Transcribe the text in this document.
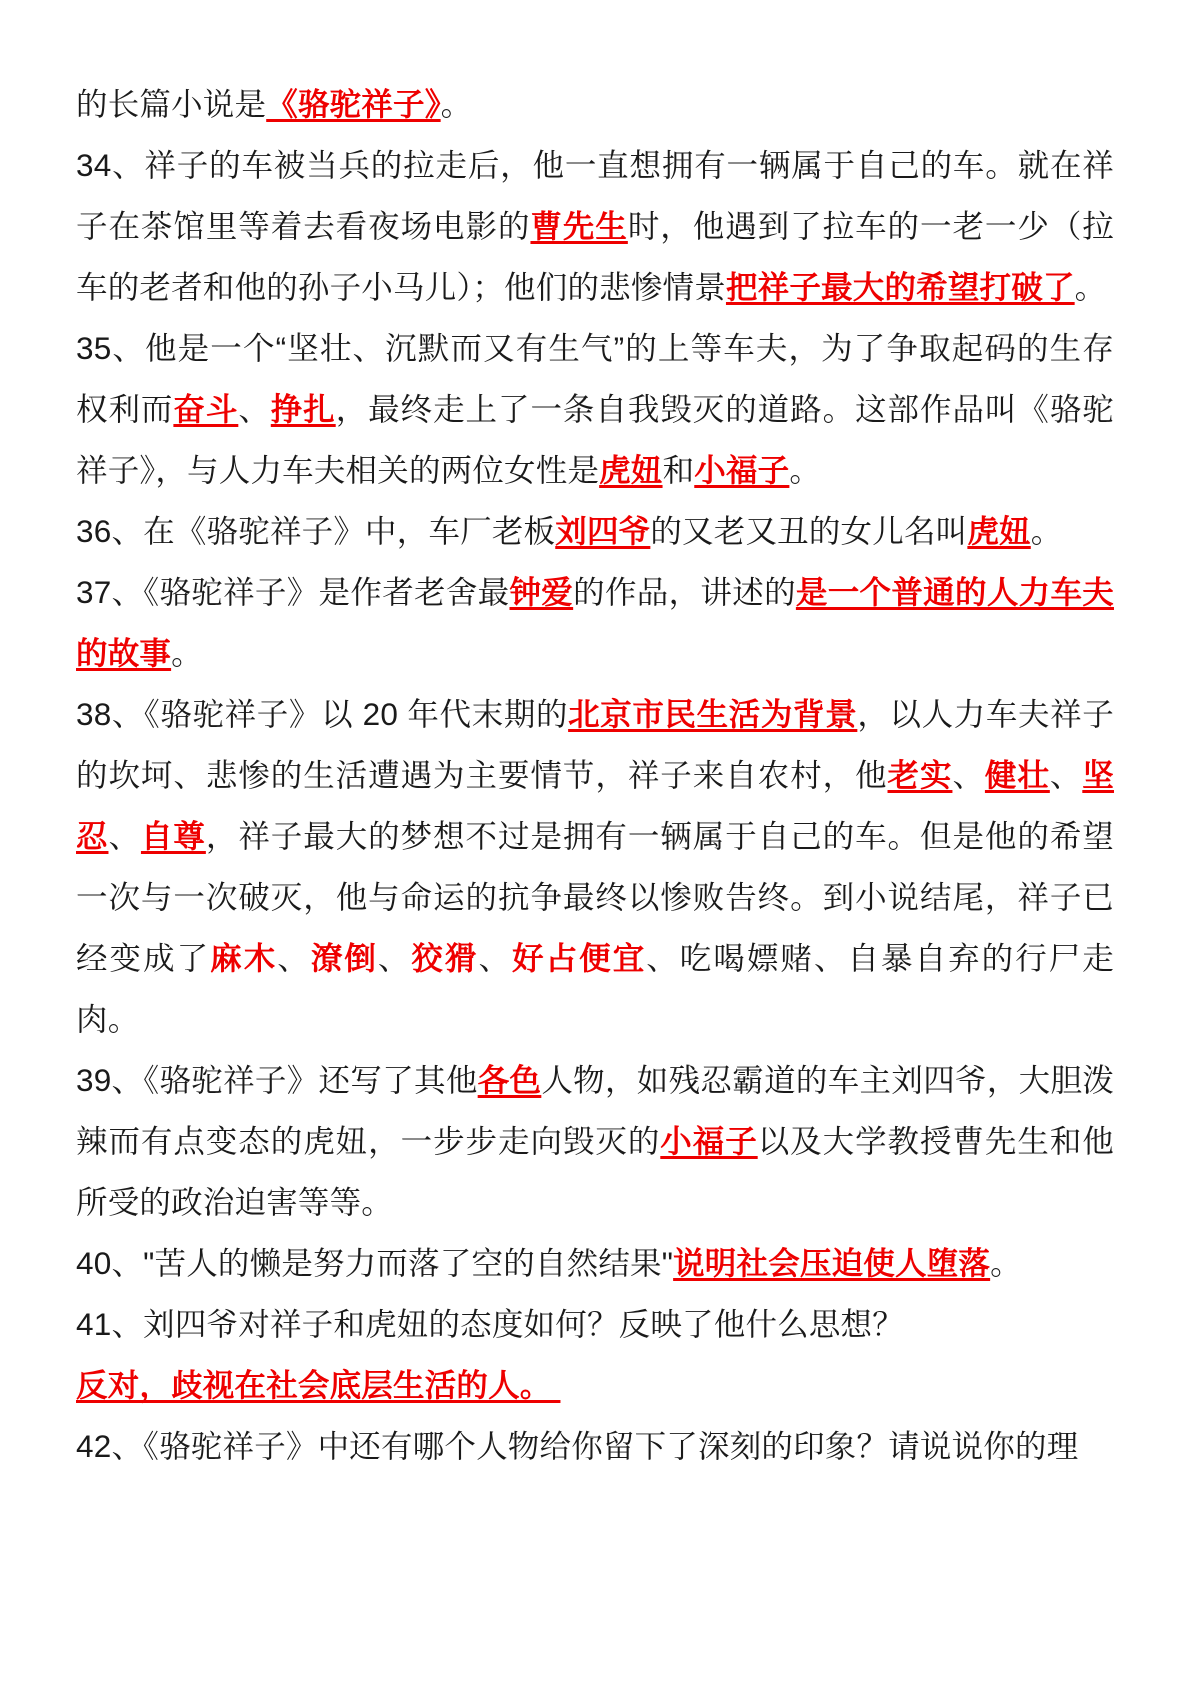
的长篇小说是《骆驼祥子》。

34、祥子的车被当兵的拉走后，他一直想拥有一辆属于自己的车。就在祥子在茶馆里等着去看夜场电影的曹先生时，他遇到了拉车的一老一少（拉车的老者和他的孙子小马儿）；他们的悲惨情景把祥子最大的希望打破了。

35、他是一个“坚壮、沉默而又有生气”的上等车夫，为了争取起码的生存权利而奋斗、挣扎，最终走上了一条自我毁灭的道路。这部作品叫《骆驼祥子》，与人力车夫相关的两位女性是虎妞和小福子。

36、在《骆驼祥子》中，车厂老板刘四爷的又老又丑的女儿名叫虎妞。

37、《骆驼祥子》是作者老舍最钟爱的作品，讲述的是一个普通的人力车夫的故事。

38、《骆驼祥子》以 20 年代末期的北京市民生活为背景，以人力车夫祥子的坎坷、悲惨的生活遭遇为主要情节，祥子来自农村，他老实、健壮、坚忍、自尊，祥子最大的梦想不过是拥有一辆属于自己的车。但是他的希望一次与一次破灭，他与命运的抗争最终以惨败告终。到小说结尾，祥子已经变成了麻木、潦倒、狡猾、好占便宜、吃喝嫖赌、自暴自弃的行尸走肉。

39、《骆驼祥子》还写了其他各色人物，如残忍霸道的车主刘四爷，大胆泼辣而有点变态的虎妞，一步步走向毁灭的小福子以及大学教授曹先生和他所受的政治迫害等等。

40、"苦人的懒是努力而落了空的自然结果"说明社会压迫使人堕落。

41、刘四爷对祥子和虎妞的态度如何？反映了他什么思想？

反对，歧视在社会底层生活的人。

42、《骆驼祥子》中还有哪个人物给你留下了深刻的印象？请说说你的理
